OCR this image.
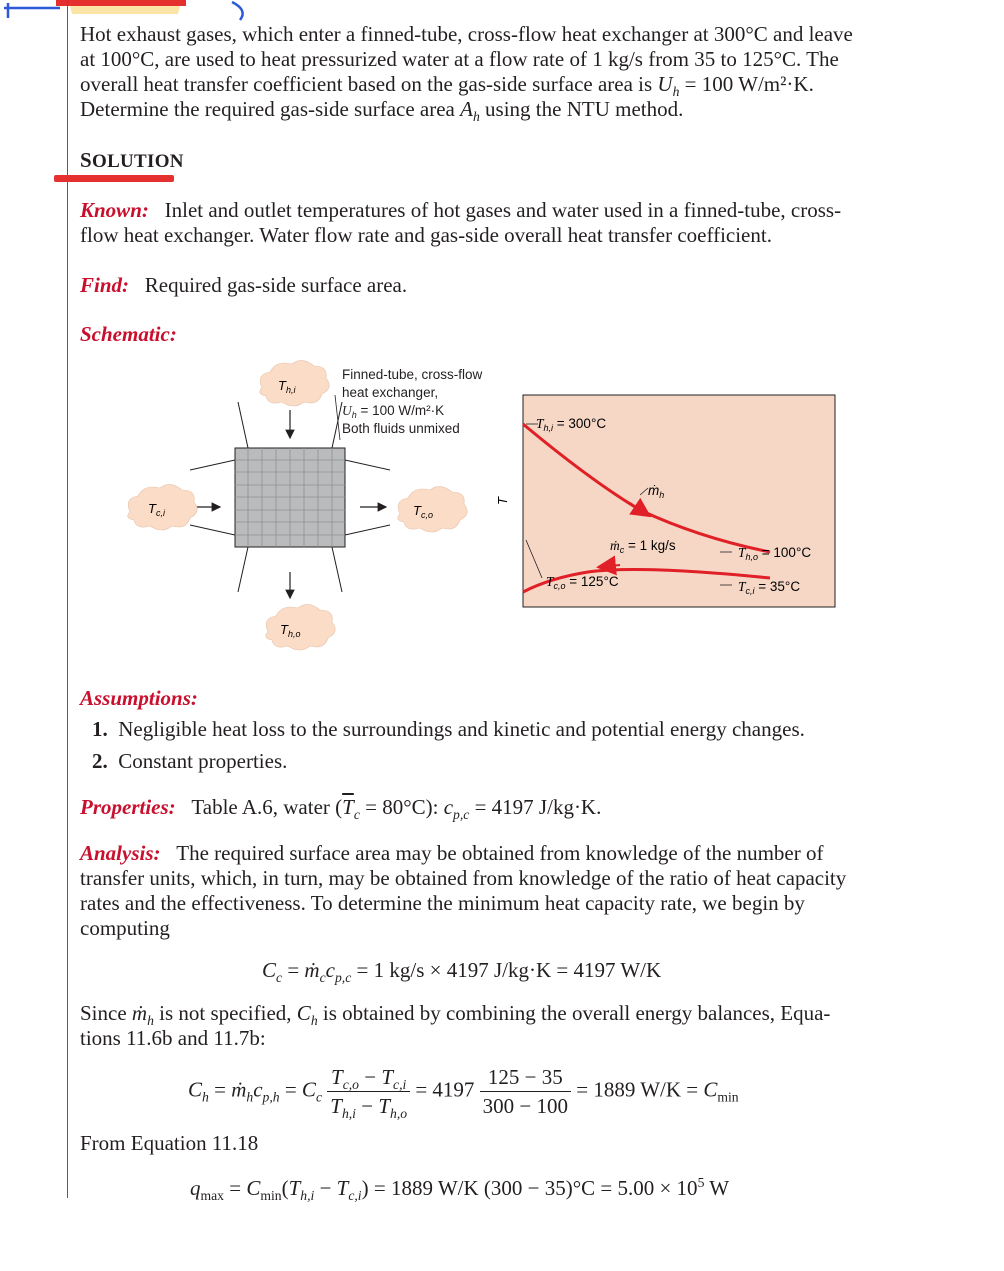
Hot exhaust gases, which enter a finned-tube, cross-flow heat exchanger at 300°C and leave
at 100°C, are used to heat pressurized water at a flow rate of 1 kg/s from 35 to 125°C. The
overall heat transfer coefficient based on the gas-side surface area is $U_h = 100$ W/m²·K.
Determine the required gas-side surface area $A_h$ using the NTU method.
SOLUTION
Known: Inlet and outlet temperatures of hot gases and water used in a finned-tube, cross-
flow heat exchanger. Water flow rate and gas-side overall heat transfer coefficient.
Find: Required gas-side surface area.
Schematic:
$T_{h,i}$
$T_{h,o}$
$T_{c,i}$	$T_{c,o}$
Finned-tube, cross-flow
heat exchanger,
$U_h = 100$ W/m²·K
Both fluids unmixed
T
$T_{h,i} = 300^\circ C$
ṁ$_h$
ṁ$_c$ = 1 kg/s	$T_{h,o} = 100^\circ C$
$T_{c,o} = 125^\circ C$	$T_{c,i} = 35^\circ C$
Assumptions:
1. Negligible heat loss to the surroundings and kinetic and potential energy changes.
2. Constant properties.
Properties: Table A.6, water $(\overline{T}_c = 80^\circ C)$: $c_{p,c} = 4197$ J/kg·K.
Analysis: The required surface area may be obtained from knowledge of the number of
transfer units, which, in turn, may be obtained from knowledge of the ratio of heat capacity
rates and the effectiveness. To determine the minimum heat capacity rate, we begin by
computing
$C_c$ = $ṁ_cc_{p,c} = 1$ kg/s × 4197 J/kg·K = 4197 W/K
Since ṁ$_h$ is not specified, $C_h$ is obtained by combining the overall energy balances, Equa-
tions 11.6b and 11.7b:
$C_h$ = $ṁ_hc_{p,h} = C_c \frac{T_{c,o} - T_{c,i}}{T_{h,i} - T_{h,o}} = 4197 \frac{125 - 35}{300 - 100} = 1889$ $W/K = C_{min}$
From Equation 11.18
$q_{max} = C_{min}(T_{h,i} - T_{c,i}) = 1889$ W/K $(300 - 35)^\circ C = 5.00 \times 10^5$ W
